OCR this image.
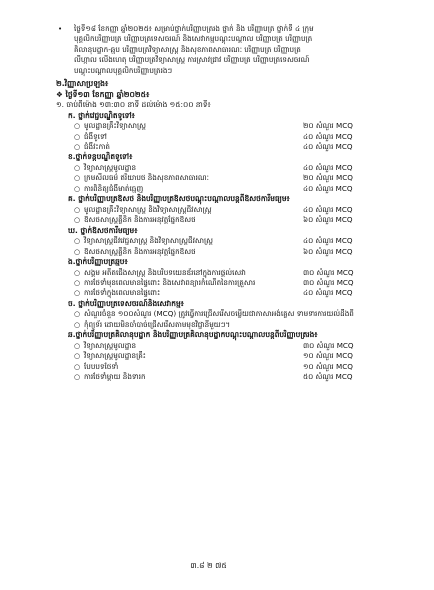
• ថ្ងៃទី១៨ ខែកញ្ញា ឆ្នាំ២០២៥៖ សម្រាប់ថ្នាក់បរិញ្ញាបត្ររង ថ្នាក់ និង បរិញ្ញាបត្រ ថ្នាក់ទី ៤ ក្រុម
បុគ្គលិកបរិញ្ញាបត្រ បរិញ្ញាបត្រទេសចរណ៍ និងសេវាកម្មបណ្តុះបណ្តាល បរិញ្ញាបត្រ បរិញ្ញាបត្រ
គិលានុបដ្ឋាក-ឆ្មប បរិញ្ញាបត្រវិទ្យាសាស្ត្រ និងសុខភាពសាធារណៈ បរិញ្ញាបត្រ បរិញ្ញាបត្រ
លីហ្កាល លើងហេតុ បរិញ្ញាបត្រវិទ្យាសាស្ត្រ ការស្រាវជ្រាវ បរិញ្ញាបត្រ បរិញ្ញាបត្រទេសចរណ៍
បណ្ដុះបណ្ដាលបុគ្គលិកបរិញ្ញាបត្ររងៗ
២.វិញ្ញាសាប្រឡង៖
❖ ថ្ងៃទី១៣ ខែកញ្ញា ឆ្នាំ២០២៥៖
១. ចាប់ពីម៉ោង ១៣:៣០ នាទី ដល់ម៉ោង ១៥:០០ នាទី៖
ក. ថ្នាក់វេជ្ជបណ្ឌិតទូទៅ៖
○ មូលដ្ឋានគ្រឹះវិទ្យាសាស្ត្រ	២០ សំណួរ MCQ
○ ជំងឺទូទៅ	៤០ សំណួរ MCQ
○ ជំងឺវះកាត់	៤០ សំណួរ MCQ
ខ.ថ្នាក់ទន្តបណ្ឌិតទូទៅ៖
○ វិទ្យាសាស្ត្រមូលដ្ឋាន	៤០ សំណួរ MCQ
○ ក្រមសីលធម៌ ឥរិយាបថ និងសុខភាពសាធារណៈ	២០ សំណួរ MCQ
○ ការពិនិត្យជំងឺមាត់ធ្មេញ	៤០ សំណួរ MCQ
គ. ថ្នាក់បរិញ្ញាបត្រឱសថ និងបរិញ្ញាបត្រឱសថបណ្តុះបណ្តាលបន្តពីឱសថការីមធ្យម៖
○ មូលដ្ឋានគ្រឹះវិទ្យាសាស្ត្រ និងវិទ្យាសាស្ត្រជីវសាស្ត្រ	៤០ សំណួរ MCQ
○ ឱសថសាស្ត្រគ្លីនិក និងការអនុវត្តផ្នែកឱសថ	៦០ សំណួរ MCQ
ឃ. ថ្នាក់ឱសថការីមធ្យម៖
○ វិទ្យាសាស្ត្រជីវវេជ្ជសាស្ត្រ និងវិទ្យាសាស្ត្រជីវសាស្ត្រ	៤០ សំណួរ MCQ
○ ឱសថសាស្ត្រគ្លីនិក និងការអនុវត្តផ្នែកឱសថ	៦០ សំណួរ MCQ
ង.ថ្នាក់បរិញ្ញាបត្រឆ្មប៖
○ សង្គម អតីតជើងសាស្ត្រ និងបរិបទយេនឌ័រនៅក្នុងការផ្ដល់សេវា	៣០ សំណួរ MCQ
○ ការថែទាំមុនពេលមានផ្ទៃពោះ និងសេវាពន្យារកំណើតនៃការគ្រួសារ	៣០ សំណួរ MCQ
○ ការថែទាំក្នុងពេលមានផ្ទៃពោះ	៤០ សំណួរ MCQ
ច. ថ្នាក់បរិញ្ញាបត្រទេសចរណ៍និងសេវាកម្ម៖
○ សំណួរចំនួន ១០០សំណួរ (MCQ) ត្រូវធ្វើការជ្រើសរើសចម្លើយជាភាសាអង់គ្លេស ទាមទារការយល់ដឹងពី
○ កុំព្យូទ័រ ដោយមិនចាំបាច់ជ្រើសរើសតាមមុខវិជ្ជានីមួយៗ។
ឆ.ថ្នាក់បរិញ្ញាបត្រគិលានុបដ្ឋាក និងបរិញ្ញាបត្រគិលានុបដ្ឋាកបណ្តុះបណ្តាលបន្តពីបរិញ្ញាបត្ររង៖
○ វិទ្យាសាស្ត្រមូលដ្ឋាន	៣០ សំណួរ MCQ
○ វិទ្យាសាស្ត្រមូលដ្ឋានគ្រឹះ	១០ សំណួរ MCQ
○ បែបបទថែទាំ	១០ សំណួរ MCQ
○ ការថែទាំម្ដាយ និងទារក	៥០ សំណួរ MCQ
៣.៨ ២ ៧៥
